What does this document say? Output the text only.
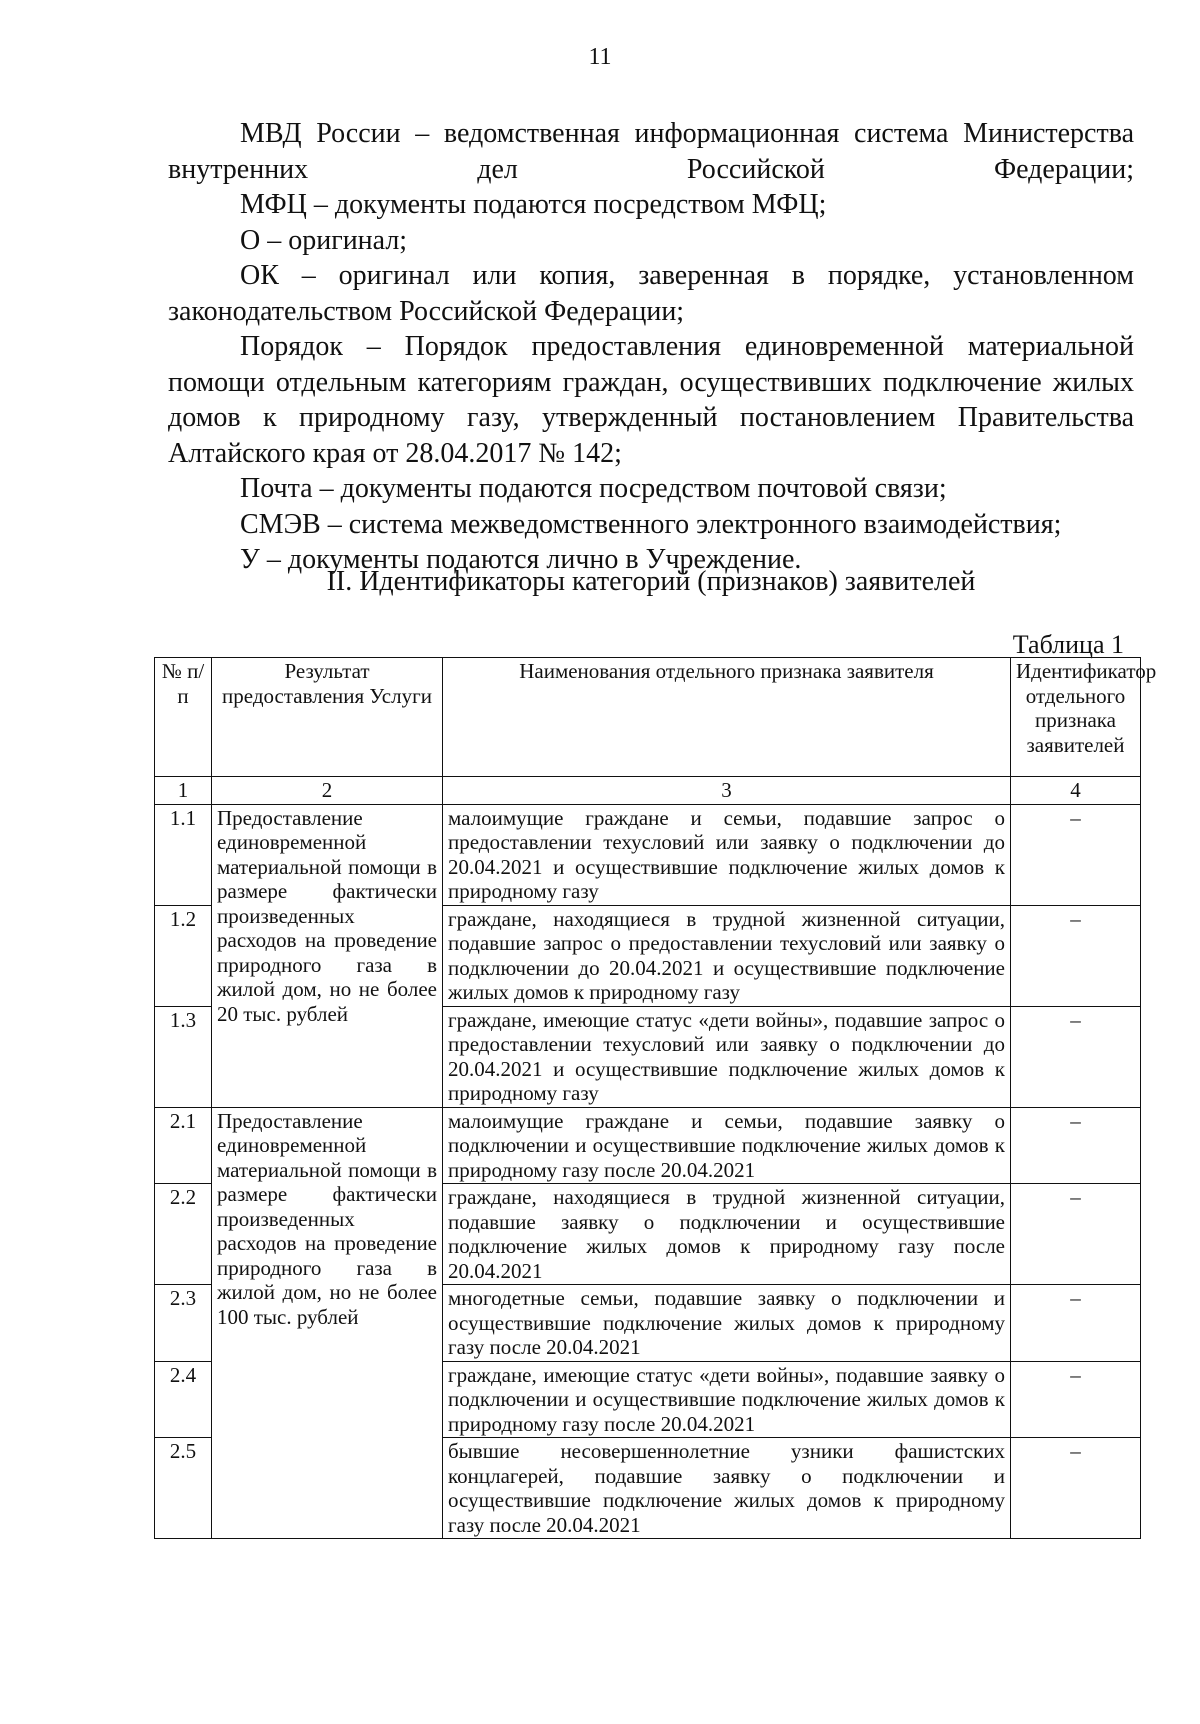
11

МВД России – ведомственная информационная система Министерства внутренних дел Российской Федерации;

МФЦ – документы подаются посредством МФЦ;

О – оригинал;

ОК – оригинал или копия, заверенная в порядке, установленном законодательством Российской Федерации;

Порядок – Порядок предоставления единовременной материальной помощи отдельным категориям граждан, осуществивших подключение жилых домов к природному газу, утвержденный постановлением Правительства Алтайского края от 28.04.2017 № 142;

Почта – документы подаются посредством почтовой связи;

СМЭВ – система межведомственного электронного взаимодействия;

У – документы подаются лично в Учреждение.

II. Идентификаторы категорий (признаков) заявителей
Таблица 1
№ п/п	Результат предоставления Услуги	Наименования отдельного признака заявителя	Идентификатор отдельного признака заявителей
1	2	3	4
1.1	Предоставление единовременной материальной помощи в размере фактически произведенных расходов на проведение природного газа в жилой дом, но не более 20 тыс. рублей	малоимущие граждане и семьи, подавшие запрос о предоставлении техусловий или заявку о подключении до 20.04.2021 и осуществившие подключение жилых домов к природному газу	–
1.2		граждане, находящиеся в трудной жизненной ситуации, подавшие запрос о предоставлении техусловий или заявку о подключении до 20.04.2021 и осуществившие подключение жилых домов к природному газу	–
1.3		граждане, имеющие статус «дети войны», подавшие запрос о предоставлении техусловий или заявку о подключении до 20.04.2021 и осуществившие подключение жилых домов к природному газу	–
2.1	Предоставление единовременной материальной помощи в размере фактически произведенных расходов на проведение природного газа в жилой дом, но не более 100 тыс. рублей	малоимущие граждане и семьи, подавшие заявку о подключении и осуществившие подключение жилых домов к природному газу после 20.04.2021	–
2.2		граждане, находящиеся в трудной жизненной ситуации, подавшие заявку о подключении и осуществившие подключение жилых домов к природному газу после 20.04.2021	–
2.3		многодетные семьи, подавшие заявку о подключении и осуществившие подключение жилых домов к природному газу после 20.04.2021	–
2.4		граждане, имеющие статус «дети войны», подавшие заявку о подключении и осуществившие подключение жилых домов к природному газу после 20.04.2021	–
2.5		бывшие несовершеннолетние узники фашистских концлагерей, подавшие заявку о подключении и осуществившие подключение жилых домов к природному газу после 20.04.2021	–
